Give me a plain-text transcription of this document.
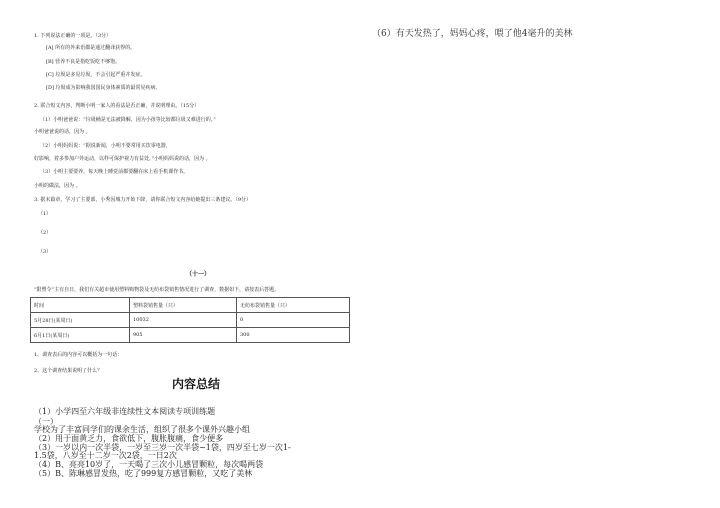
（6）有天发热了，妈妈心疼，喂了他4毫升的美林
1. 下列说法正确的一项是。（3分）
[A] 所有的外来语都是通过翻译获得的。
[B] 营养不良是指吃饭吃不够饱。
[C] 垃圾是多见垃圾，不会引起严重并发症。
[D] 垃圾成为影响我国国民身体素质的最常见疾病。
2. 联合短文内容，判断小明一家人的看法是否正确，并说明理由。（15分）
（1）小明爸爸说：“垃圾桶是无法被降解，因为小孩等比较都垃圾又难进行的。”
小明爸爸说的话，因为 。
（2）小明妈妈说：“据说新闻，小明不要常用买饮零电器，
好影响，着多参加户外运动，以样可保护视力有益处。”小明妈妈说的话，因为 。
（3）小明主要要养，每天晚上睡觉前都要翻在床上看手机课作书。
小明的做法，因为 。
3. 据末篇章，学习了主要部，小秀因城力开始下降，请你联合短文内容给她提出三条建议。（9分）
（1）
（2）
（3）
（十一）
“限塑令”主有自日，我们有关超市使用塑料购物袋及无纺布袋销售情况进行了调查，数据如下，请按表后答题。
时间	塑料袋销售量（只）	无纺布袋销售量（只）
5月28日(某周日)	10032	0
6月1日(某周日)	905	300
1、调查表后的内容可以概括为一句话：
2、这个调查结果说明了什么？
内容总结
（1）小学四至六年级非连续性文本阅读专项训练题
（一）
学校为了丰富同学们的课余生活，组织了很多个课外兴趣小组
（2）用于面黄乏力，食欲低下，腹胀腹痛，食少便多
（3）一岁以内一次半袋，一岁至三岁一次半袋~1袋，四岁至七岁一次1-
1.5袋，八岁至十二岁一次2袋，一日2次
（4）B、亮亮10岁了，一天喝了三次小儿感冒颗粒，每次喝两袋
（5）B、陈琳感冒发热，吃了999复方感冒颗粒，又吃了美林
